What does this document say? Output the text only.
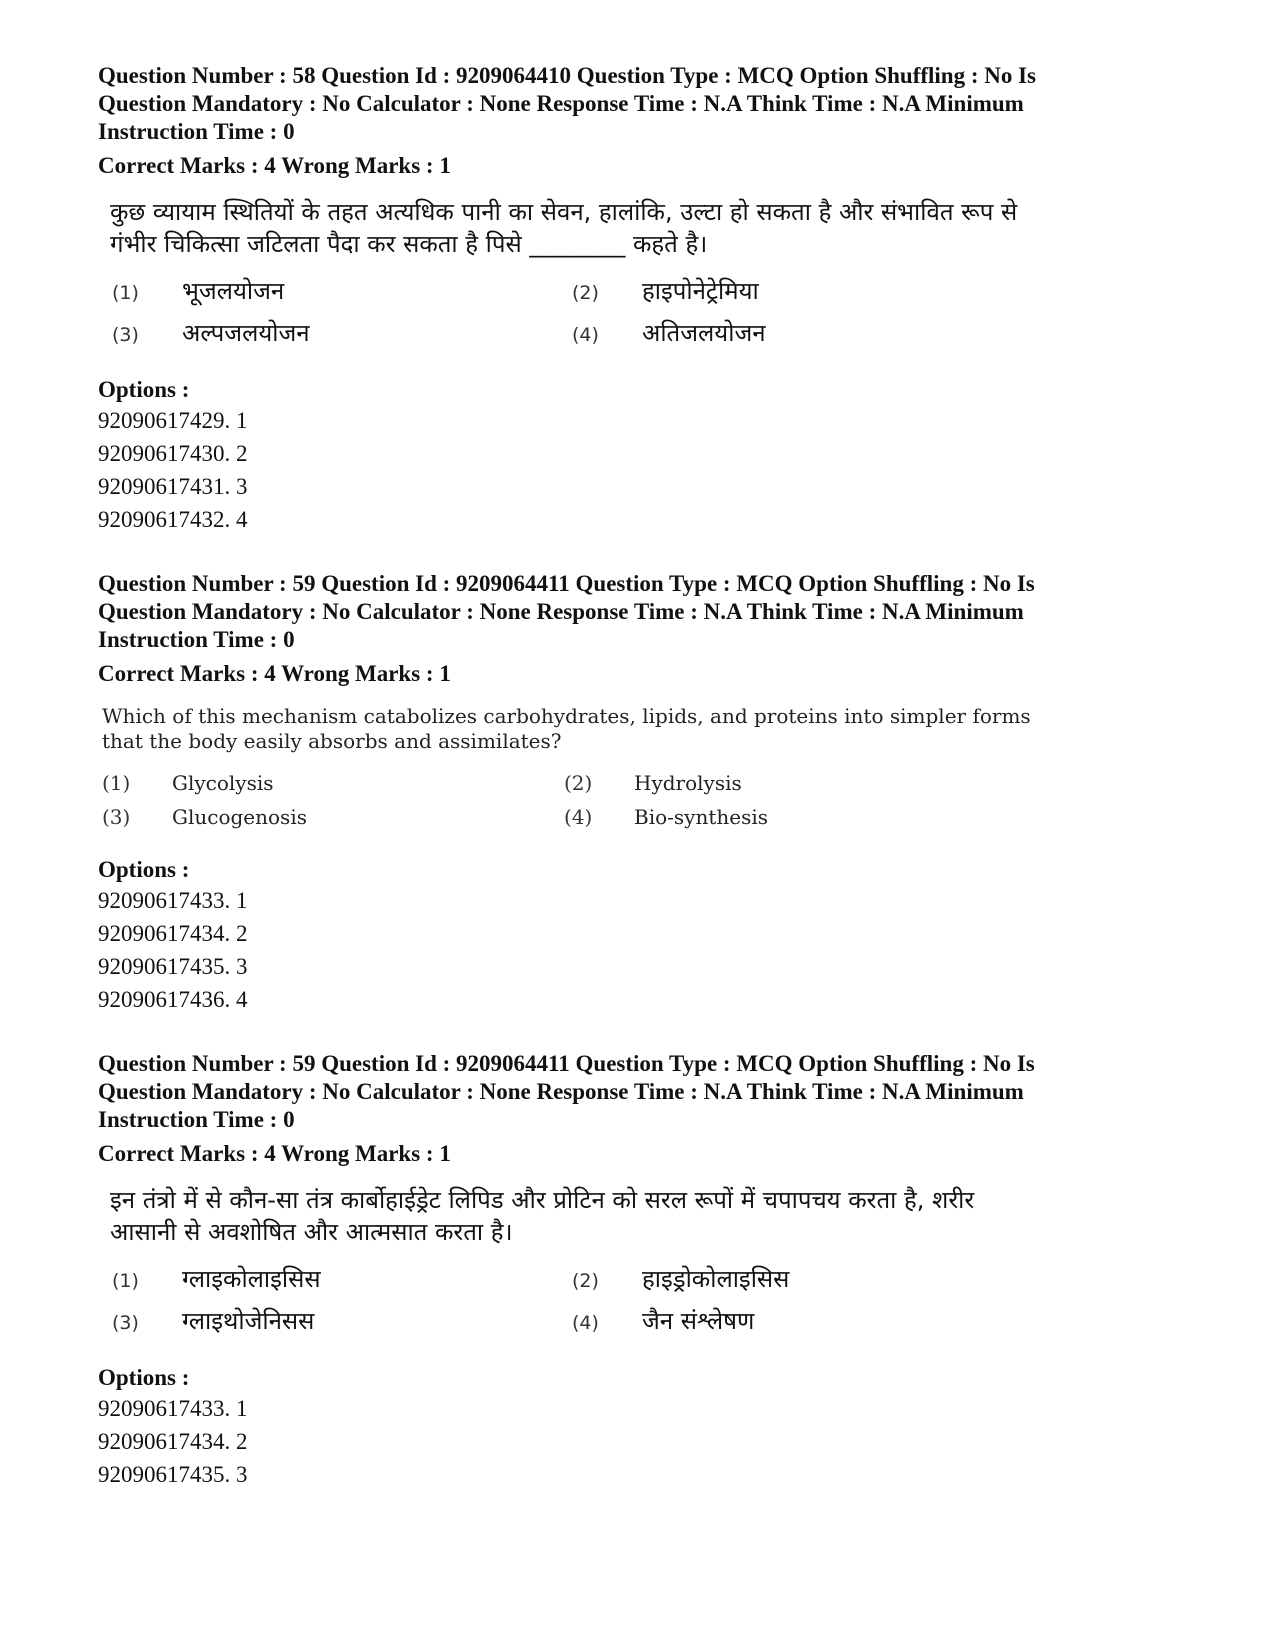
Question Number : 58 Question Id : 9209064410 Question Type : MCQ Option Shuffling : No Is
Question Mandatory : No Calculator : None Response Time : N.A Think Time : N.A Minimum
Instruction Time : 0
Correct Marks : 4 Wrong Marks : 1
कुछ व्यायाम स्थितियों के तहत अत्यधिक पानी का सेवन, हालांकि, उल्टा हो सकता है और संभावित रूप से
गंभीर चिकित्सा जटिलता पैदा कर सकता है पिसे ________ कहते है।
(1)	भूजलयोजन	(2)	हाइपोनेट्रेमिया
(3)	अल्पजलयोजन	(4)	अतिजलयोजन
Options :
92090617429. 1
92090617430. 2
92090617431. 3
92090617432. 4
Question Number : 59 Question Id : 9209064411 Question Type : MCQ Option Shuffling : No Is
Question Mandatory : No Calculator : None Response Time : N.A Think Time : N.A Minimum
Instruction Time : 0
Correct Marks : 4 Wrong Marks : 1
Which of this mechanism catabolizes carbohydrates, lipids, and proteins into simpler forms
that the body easily absorbs and assimilates?
(1)	Glycolysis	(2)	Hydrolysis
(3)	Glucogenosis	(4)	Bio-synthesis
Options :
92090617433. 1
92090617434. 2
92090617435. 3
92090617436. 4
Question Number : 59 Question Id : 9209064411 Question Type : MCQ Option Shuffling : No Is
Question Mandatory : No Calculator : None Response Time : N.A Think Time : N.A Minimum
Instruction Time : 0
Correct Marks : 4 Wrong Marks : 1
इन तंत्रो में से कौन-सा तंत्र कार्बोहाईड्रेट लिपिड और प्रोटिन को सरल रूपों में चपापचय करता है, शरीर
आसानी से अवशोषित और आत्मसात करता है।
(1)	ग्लाइकोलाइसिस	(2)	हाइड्रोकोलाइसिस
(3)	ग्लाइथोजेनिसस	(4)	जैन संश्लेषण
Options :
92090617433. 1
92090617434. 2
92090617435. 3
